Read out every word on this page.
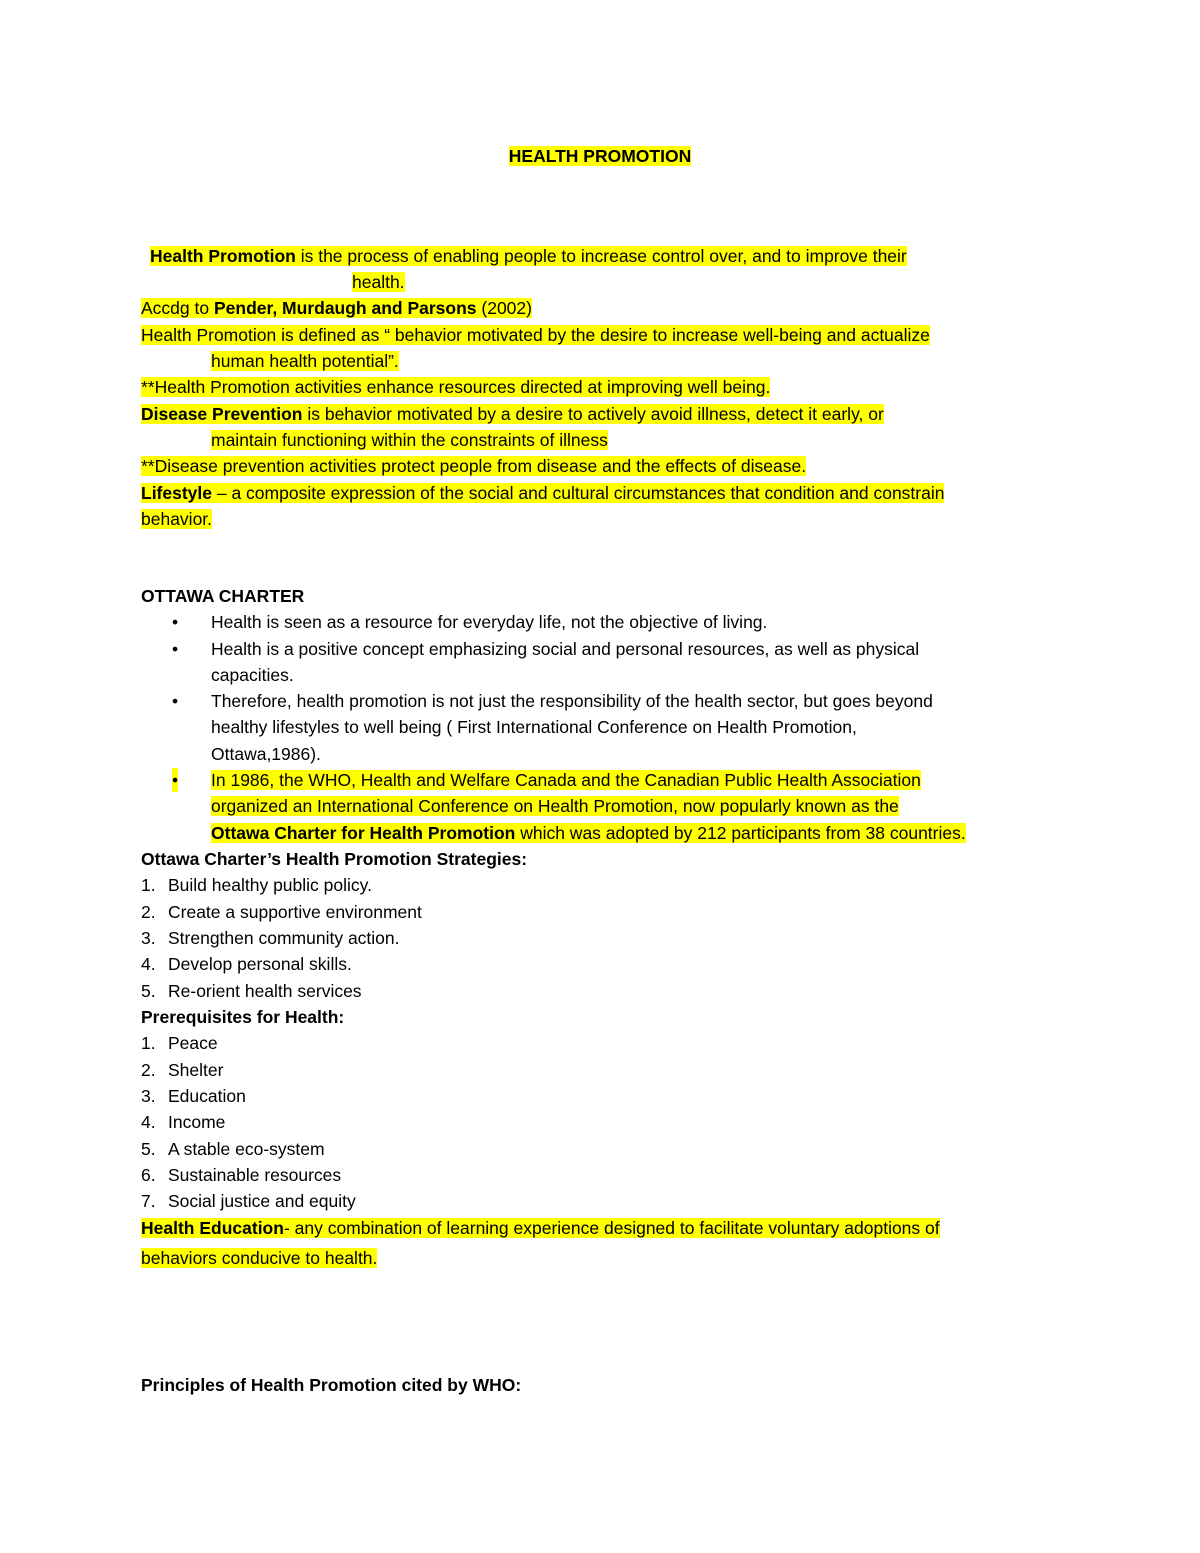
HEALTH PROMOTION
Health Promotion is the process of enabling people to increase control over, and to improve their
health.
Accdg to Pender, Murdaugh and Parsons (2002)
Health Promotion is defined as “ behavior motivated by the desire to increase well-being and actualize
human health potential”.
**Health Promotion activities enhance resources directed at improving well being.
Disease Prevention is behavior motivated by a desire to actively avoid illness, detect it early, or
maintain functioning within the constraints of illness
**Disease prevention activities protect people from disease and the effects of disease.
Lifestyle – a composite expression of the social and cultural circumstances that condition and constrain
behavior.
OTTAWA CHARTER
• Health is seen as a resource for everyday life, not the objective of living.
• Health is a positive concept emphasizing social and personal resources, as well as physical
capacities.
• Therefore, health promotion is not just the responsibility of the health sector, but goes beyond
healthy lifestyles to well being ( First International Conference on Health Promotion,
Ottawa,1986).
• In 1986, the WHO, Health and Welfare Canada and the Canadian Public Health Association
organized an International Conference on Health Promotion, now popularly known as the
Ottawa Charter for Health Promotion which was adopted by 212 participants from 38 countries.
Ottawa Charter’s Health Promotion Strategies:
1. Build healthy public policy.
2. Create a supportive environment
3. Strengthen community action.
4. Develop personal skills.
5. Re-orient health services
Prerequisites for Health:
1. Peace
2. Shelter
3. Education
4. Income
5. A stable eco-system
6. Sustainable resources
7. Social justice and equity
Health Education- any combination of learning experience designed to facilitate voluntary adoptions of
behaviors conducive to health.
Principles of Health Promotion cited by WHO:
